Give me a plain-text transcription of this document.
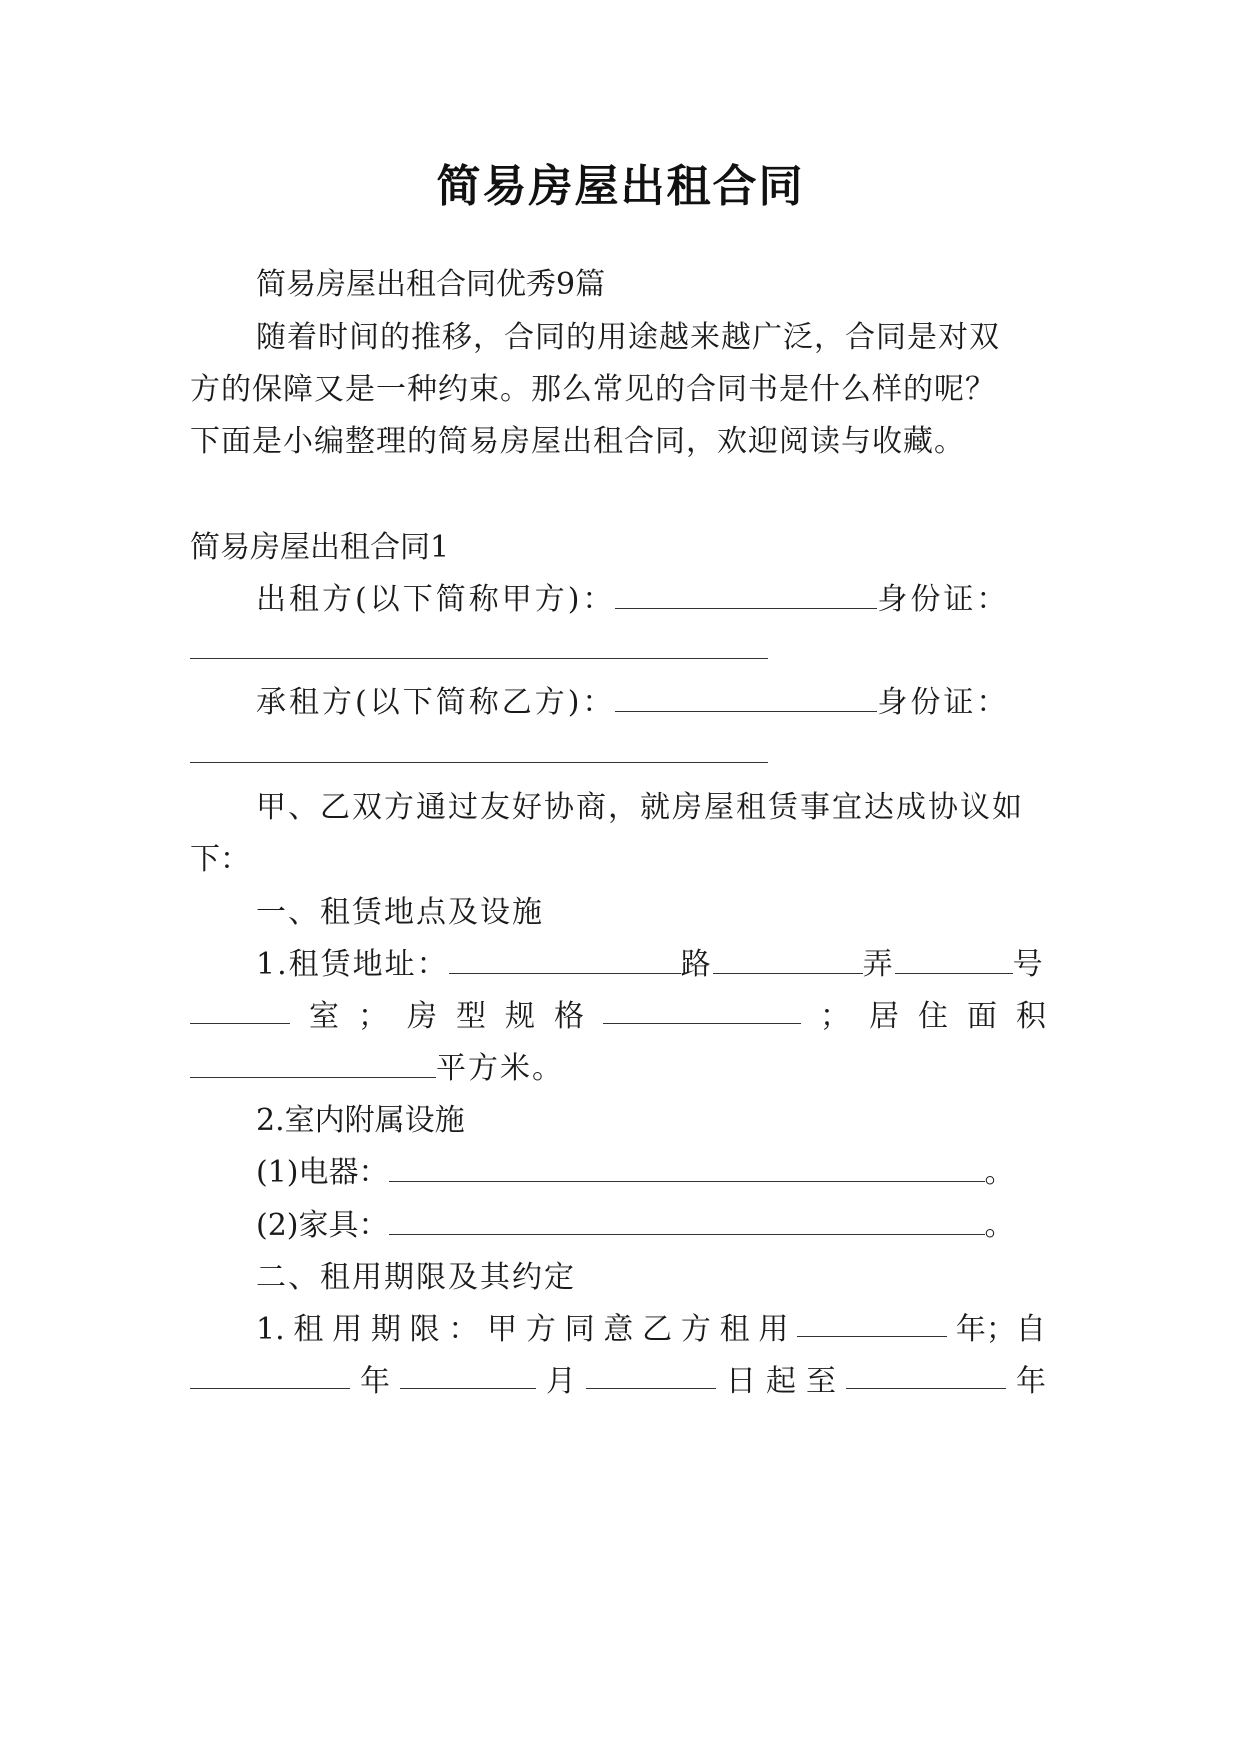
简易房屋出租合同
简易房屋出租合同优秀9篇
随着时间的推移，合同的用途越来越广泛，合同是对双
方的保障又是一种约束。那么常见的合同书是什么样的呢？
下面是小编整理的简易房屋出租合同，欢迎阅读与收藏。
简易房屋出租合同1
出租方(以下简称甲方)：	身份证：
承租方(以下简称乙方)：	身份证：
甲、乙双方通过友好协商，就房屋租赁事宜达成协议如
下：
一、租赁地点及设施
1.租赁地址：	路	弄	号
室 ； 房 型 规 格	； 居 住 面 积
平方米。
2.室内附属设施
(1)电器：	。
(2)家具：	。
二、租用期限及其约定
1. 租 用 期 限 ： 甲 方 同 意 乙 方 租 用	年；自
年	月	日 起 至	年
